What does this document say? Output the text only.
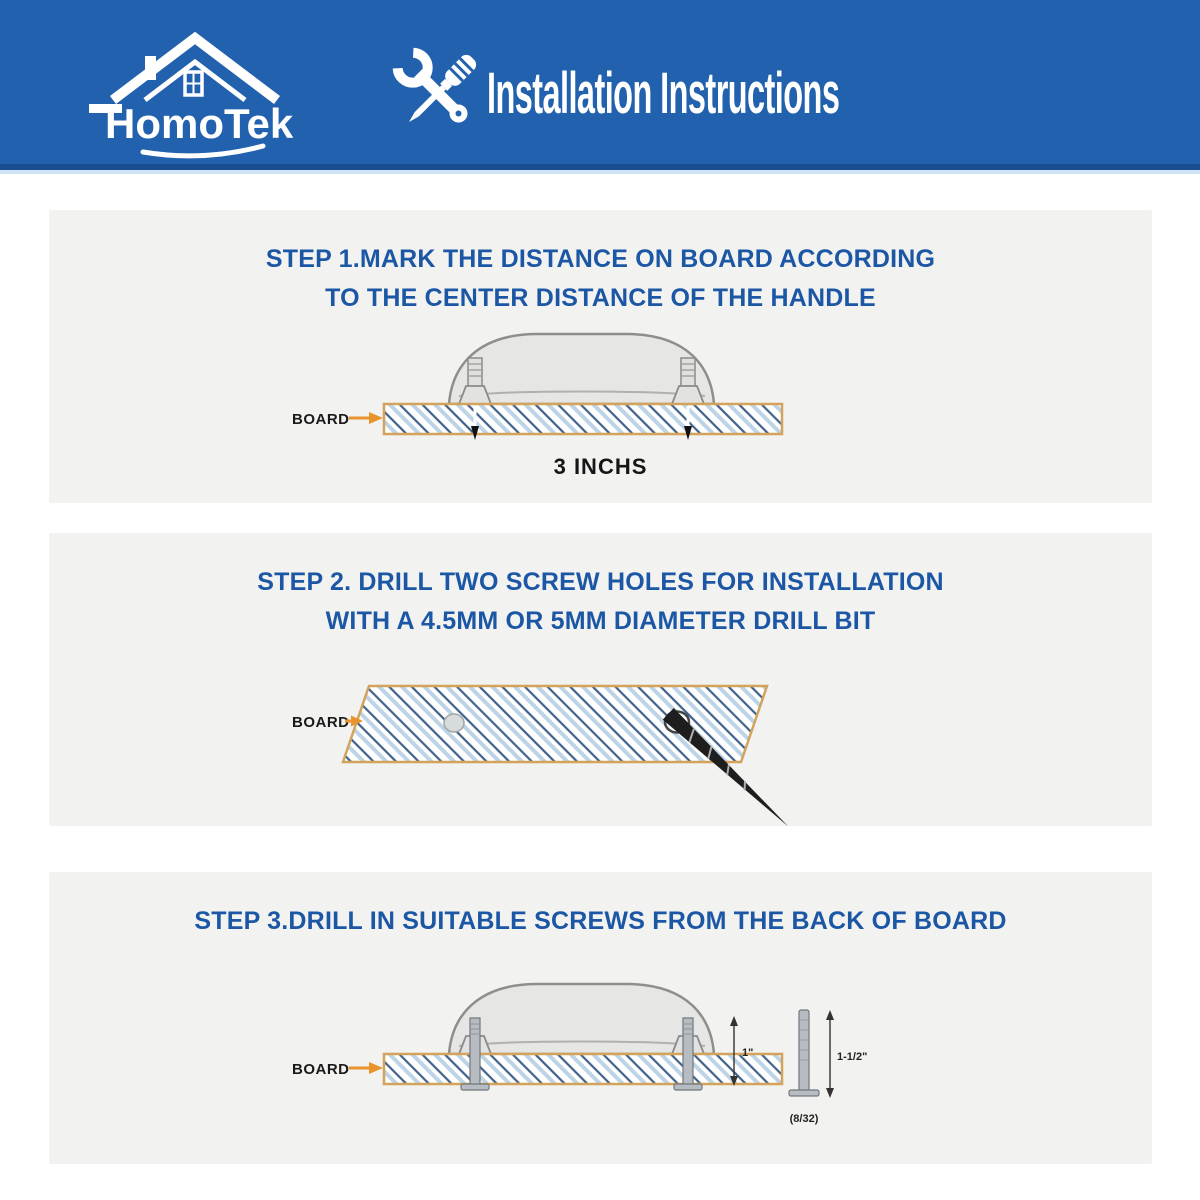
HomoTek	Installation Instructions
STEP 1.MARK THE DISTANCE ON BOARD ACCORDING
TO THE CENTER DISTANCE OF THE HANDLE
BOARD
3 INCHS
STEP 2. DRILL TWO SCREW HOLES FOR INSTALLATION
WITH A 4.5MM OR 5MM DIAMETER DRILL BIT
BOARD
STEP 3.DRILL IN SUITABLE SCREWS FROM THE BACK OF BOARD
1"	1-1/2"
(8/32)
BOARD
